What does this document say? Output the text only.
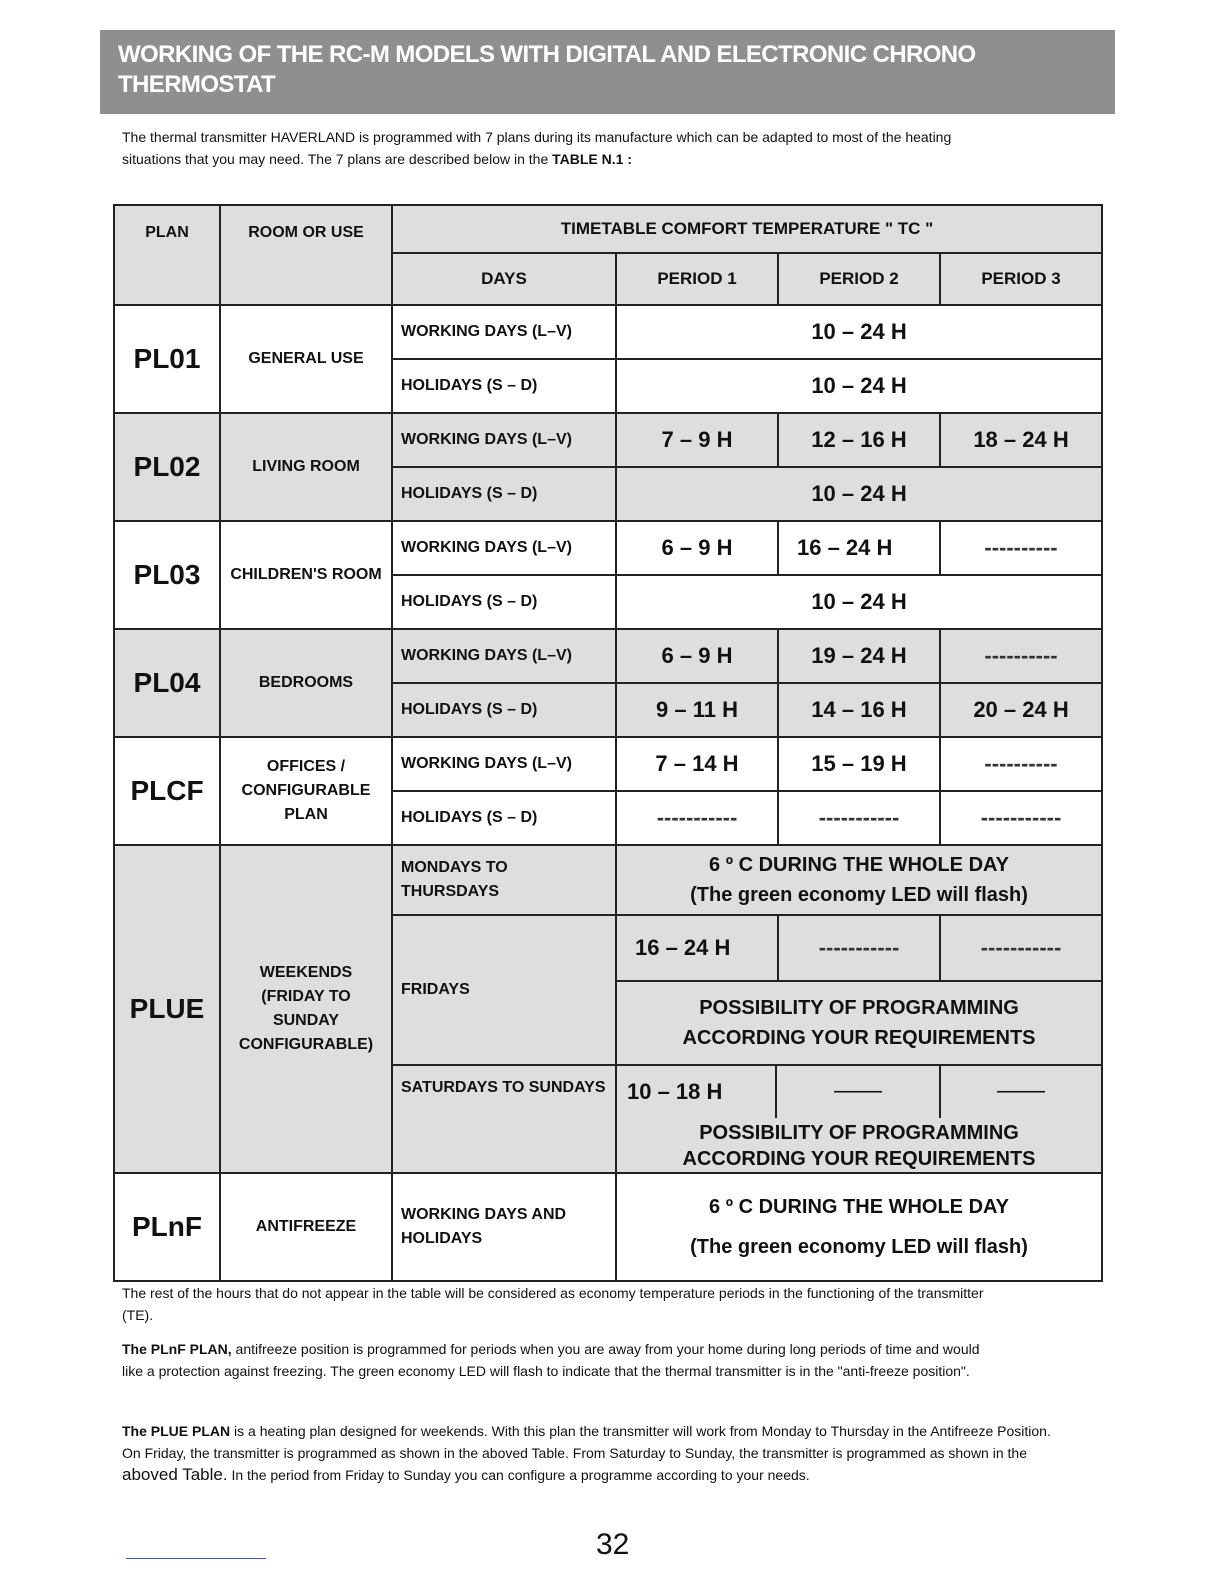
WORKING OF THE RC-M MODELS WITH DIGITAL AND ELECTRONIC CHRONO THERMOSTAT
The thermal transmitter HAVERLAND is programmed with 7 plans during its manufacture which can be adapted to most of the heating situations that you may need. The 7 plans are described below in the TABLE N.1 :
PLAN	ROOM OR USE	TIMETABLE COMFORT TEMPERATURE " TC "			
		DAYS	PERIOD 1	PERIOD 2	PERIOD 3
PL01	GENERAL USE	WORKING DAYS (L–V)	10 – 24 H		
		HOLIDAYS (S – D)	10 – 24 H		
PL02	LIVING ROOM	WORKING DAYS (L–V)	7 – 9 H	12 – 16 H	18 – 24 H
		HOLIDAYS (S – D)	10 – 24 H		
PL03	CHILDREN'S ROOM	WORKING DAYS (L–V)	6 – 9 H	16 – 24 H	----------
		HOLIDAYS (S – D)	10 – 24 H		
PL04	BEDROOMS	WORKING DAYS (L–V)	6 – 9 H	19 – 24 H	----------
		HOLIDAYS (S – D)	9 – 11 H	14 – 16 H	20 – 24 H
PLCF	OFFICES / CONFIGURABLE PLAN	WORKING DAYS (L–V)	7 – 14 H	15 – 19 H	----------
		HOLIDAYS (S – D)	-----------	-----------	-----------
PLUE	WEEKENDS (FRIDAY TO SUNDAY CONFIGURABLE)	MONDAYS TO THURSDAYS	6 º C DURING THE WHOLE DAY
(The green economy LED will flash)		

		FRIDAYS	16 – 24 H	-----------	-----------

			POSSIBILITY OF PROGRAMMING
ACCORDING YOUR REQUIREMENTS		

		SATURDAYS TO SUNDAYS	10 – 18 H ——— ———
POSSIBILITY OF PROGRAMMING
ACCORDING YOUR REQUIREMENTS		

PLnF	ANTIFREEZE	WORKING DAYS AND HOLIDAYS	6 º C DURING THE WHOLE DAY
(The green economy LED will flash)		
The rest of the hours that do not appear in the table will be considered as economy temperature periods in the functioning of the transmitter (TE).
The PLnF PLAN, antifreeze position is programmed for periods when you are away from your home during long periods of time and would like a protection against freezing. The green economy LED will flash to indicate that the thermal transmitter is in the "anti-freeze position".
The PLUE PLAN is a heating plan designed for weekends. With this plan the transmitter will work from Monday to Thursday in the Antifreeze Position. On Friday, the transmitter is programmed as shown in the aboved Table. From Saturday to Sunday, the transmitter is programmed as shown in the aboved Table. In the period from Friday to Sunday you can configure a programme according to your needs.
32
